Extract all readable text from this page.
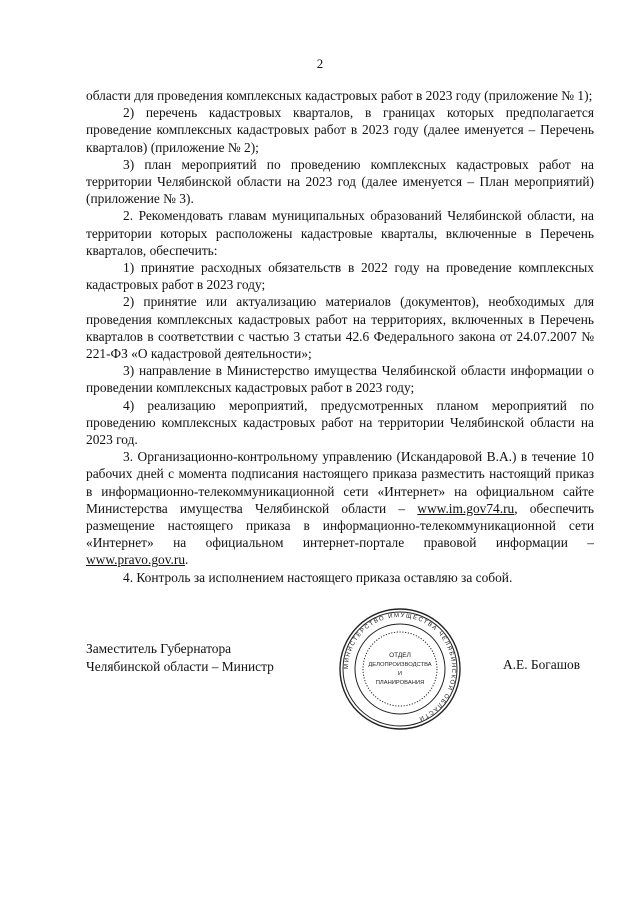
2

области для проведения комплексных кадастровых работ в 2023 году (приложение № 1);

2) перечень кадастровых кварталов, в границах которых предполагается проведение комплексных кадастровых работ в 2023 году (далее именуется – Перечень кварталов) (приложение № 2);

3) план мероприятий по проведению комплексных кадастровых работ на территории Челябинской области на 2023 год (далее именуется – План мероприятий) (приложение № 3).

2. Рекомендовать главам муниципальных образований Челябинской области, на территории которых расположены кадастровые кварталы, включенные в Перечень кварталов, обеспечить:

1) принятие расходных обязательств в 2022 году на проведение комплексных кадастровых работ в 2023 году;

2) принятие или актуализацию материалов (документов), необходимых для проведения комплексных кадастровых работ на территориях, включенных в Перечень кварталов в соответствии с частью 3 статьи 42.6 Федерального закона от 24.07.2007 № 221-ФЗ «О кадастровой деятельности»;

3) направление в Министерство имущества Челябинской области информации о проведении комплексных кадастровых работ в 2023 году;

4) реализацию мероприятий, предусмотренных планом мероприятий по проведению комплексных кадастровых работ на территории Челябинской области на 2023 год.

3. Организационно-контрольному управлению (Искандаровой В.А.) в течение 10 рабочих дней с момента подписания настоящего приказа разместить настоящий приказ в информационно-телекоммуникационной сети «Интернет» на официальном сайте Министерства имущества Челябинской области – www.im.gov74.ru, обеспечить размещение настоящего приказа в информационно-телекоммуникационной сети «Интернет» на официальном интернет-портале правовой информации – www.pravo.gov.ru.

4. Контроль за исполнением настоящего приказа оставляю за собой.

Заместитель Губернатора
Челябинской области – Министр	МИНИСТЕРСТВО ИМУЩЕСТВА ЧЕЛЯБИНСКОЙ ОБЛАСТИ
ОТДЕЛ
ДЕЛОПРОИЗВОДСТВА
И
ПЛАНИРОВАНИЯ
А.Е. Богашов
